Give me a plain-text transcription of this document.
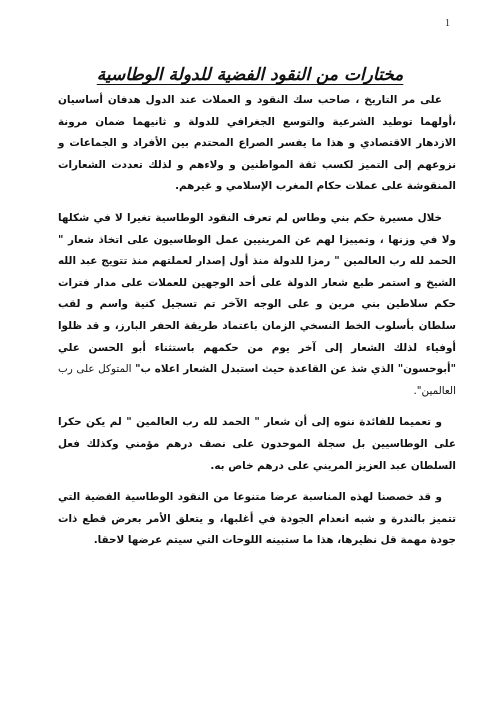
1
مختارات من النقود الفضية للدولة الوطاسية

على مر التاريخ ، صاحب سك النقود و العملات عند الدول هدفان أساسيان ،أولهما توطيد الشرعية والتوسع الجغرافي للدولة و ثانيهما ضمان مرونة الازدهار الاقتصادي و هذا ما يفسر الصراع المحتدم بين الأفراد و الجماعات و نزوعهم إلى التميز لكسب ثقة المواطنين و ولاءهم و لذلك تعددت الشعارات المنقوشة على عملات حكام المغرب الإسلامي و غيرهم.

خلال مسيرة حكم بني وطاس لم تعرف النقود الوطاسية تغيرا لا في شكلها ولا في وزنها ، وتمييزا لهم عن المرينيين عمل الوطاسيون على اتخاذ شعار " الحمد لله رب العالمين " رمزا للدولة منذ أول إصدار لعملتهم منذ تتويج عبد الله الشيخ و استمر طبع شعار الدولة على أحد الوجهين للعملات على مدار فترات حكم سلاطين بني مرين و على الوجه الآخر تم تسجيل كنية واسم و لقب سلطان بأسلوب الخط النسخي الزمان باعتماد طريقة الحفر البارز، و قد ظلوا أوفياء لذلك الشعار إلى آخر يوم من حكمهم باستثناء أبو الحسن علي "أبوحسون" الذي شذ عن القاعدة حيث استبدل الشعار اعلاه ب" المتوكل على رب العالمين".

و تعميما للفائدة ننوه إلى أن شعار " الحمد لله رب العالمين " لم يكن حكرا على الوطاسيين بل سجلة الموحدون على نصف درهم مؤمني وكذلك فعل السلطان عبد العزيز المريني على درهم خاص به.

و قد خصصنا لهذه المناسبة عرضا متنوعا من النقود الوطاسية الفضية التي تتميز بالندرة و شبه انعدام الجودة في أغلبها، و يتعلق الأمر بعرض قطع ذات جودة مهمة قل نظيرها، هذا ما ستبينه اللوحات التي سيتم عرضها لاحقا.
